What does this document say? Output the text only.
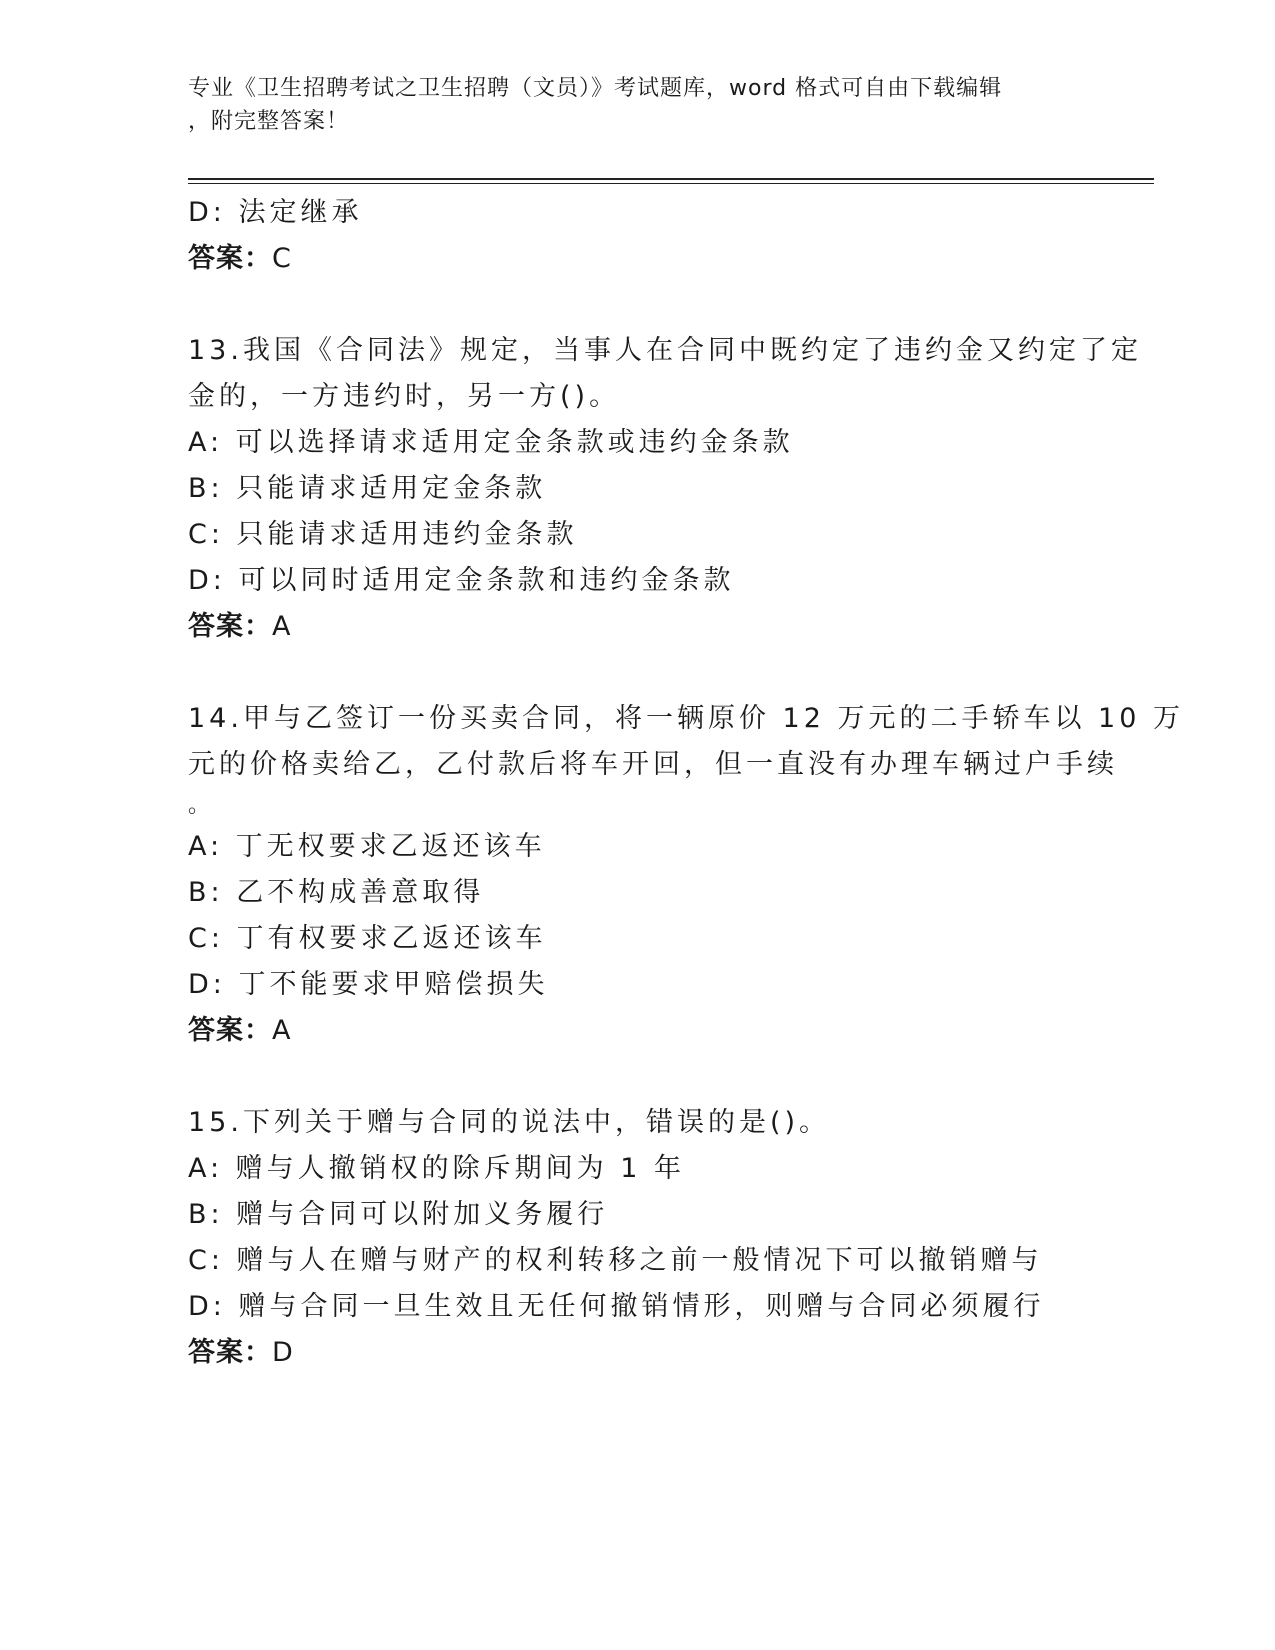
专业《卫生招聘考试之卫生招聘（文员）》考试题库，word 格式可自由下载编辑
，附完整答案！
D: 法定继承
答案：C
13.我国《合同法》规定，当事人在合同中既约定了违约金又约定了定
金的，一方违约时，另一方()。
A: 可以选择请求适用定金条款或违约金条款
B: 只能请求适用定金条款
C: 只能请求适用违约金条款
D: 可以同时适用定金条款和违约金条款
答案：A
14.甲与乙签订一份买卖合同，将一辆原价 12 万元的二手轿车以 10 万
元的价格卖给乙，乙付款后将车开回，但一直没有办理车辆过户手续
。
A: 丁无权要求乙返还该车
B: 乙不构成善意取得
C: 丁有权要求乙返还该车
D: 丁不能要求甲赔偿损失
答案：A
15.下列关于赠与合同的说法中，错误的是()。
A: 赠与人撤销权的除斥期间为 1 年
B: 赠与合同可以附加义务履行
C: 赠与人在赠与财产的权利转移之前一般情况下可以撤销赠与
D: 赠与合同一旦生效且无任何撤销情形，则赠与合同必须履行
答案：D
